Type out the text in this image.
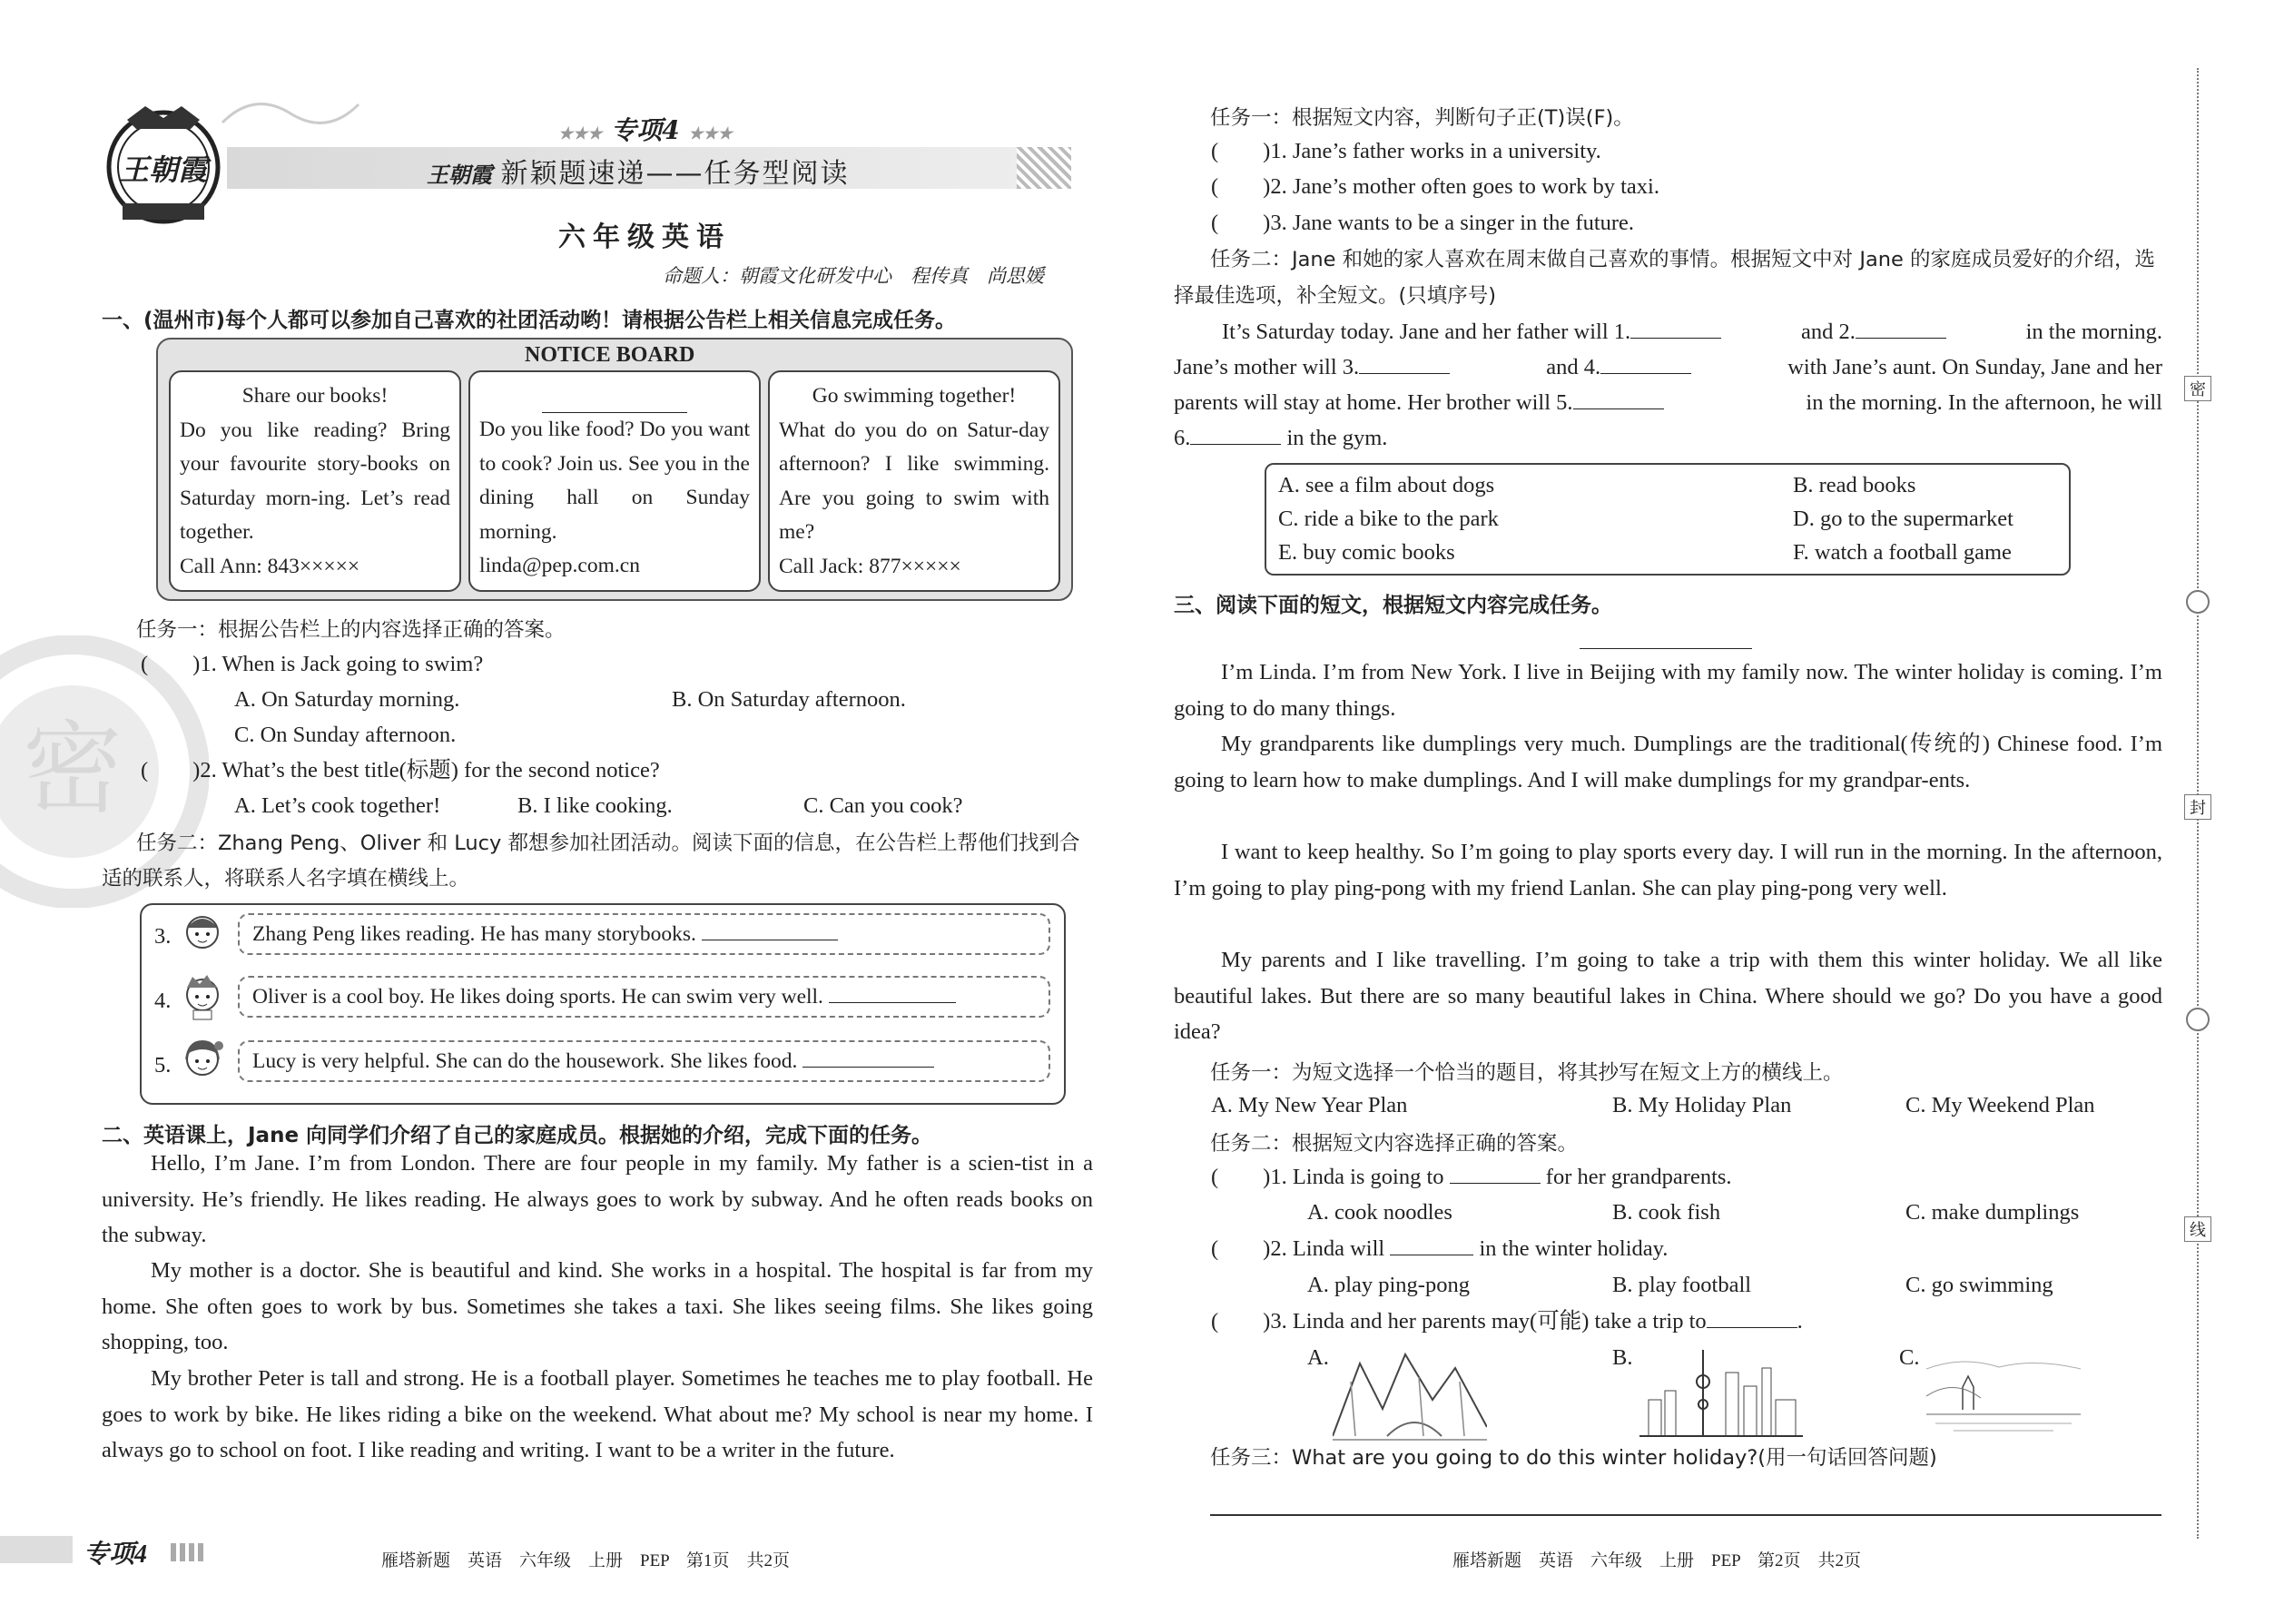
密
王朝霞
★★★ 专项4 ★★★
王朝霞 新颖题速递——任务型阅读
六年级英语
命题人：朝霞文化研发中心　程传真　尚思媛
一、(温州市)每个人都可以参加自己喜欢的社团活动哟！请根据公告栏上相关信息完成任务。
NOTICE BOARD
Share our books!
Do you like reading? Bring your favourite story-books on Saturday morn-ing. Let’s read together.
Call Ann: 843×××××
Do you like food? Do you want to cook? Join us. See you in the dining hall on Sunday morning.
linda@pep.com.cn
Go swimming together!
What do you do on Satur-day afternoon? I like swimming. Are you going to swim with me?
Call Jack: 877×××××
任务一：根据公告栏上的内容选择正确的答案。
(　　)1. When is Jack going to swim?
A. On Saturday morning.	B. On Saturday afternoon.
C. On Sunday afternoon.
(　　)2. What’s the best title(标题) for the second notice?
A. Let’s cook together!	B. I like cooking.	C. Can you cook?
任务二：Zhang Peng、Oliver 和 Lucy 都想参加社团活动。阅读下面的信息，在公告栏上帮他们找到合适的联系人，将联系人名字填在横线上。
3.	Zhang Peng likes reading. He has many storybooks.
4.	Oliver is a cool boy. He likes doing sports. He can swim very well.
5.	Lucy is very helpful. She can do the housework. She likes food.
二、英语课上，Jane 向同学们介绍了自己的家庭成员。根据她的介绍，完成下面的任务。
Hello, I’m Jane. I’m from London. There are four people in my family. My father is a scien-tist in a university. He’s friendly. He likes reading. He always goes to work by subway. And he often reads books on the subway.
My mother is a doctor. She is beautiful and kind. She works in a hospital. The hospital is far from my home. She often goes to work by bus. Sometimes she takes a taxi. She likes seeing films. She likes going shopping, too.
My brother Peter is tall and strong. He is a football player. Sometimes he teaches me to play football. He goes to work by bike. He likes riding a bike on the weekend. What about me? My school is near my home. I always go to school on foot. I like reading and writing. I want to be a writer in the future.
专项4	雁塔新题　英语　六年级　上册　PEP　第1页　共2页
任务一：根据短文内容，判断句子正(T)误(F)。
(　　)1. Jane’s father works in a university.
(　　)2. Jane’s mother often goes to work by taxi.
(　　)3. Jane wants to be a singer in the future.
任务二：Jane 和她的家人喜欢在周末做自己喜欢的事情。根据短文中对 Jane 的家庭成员爱好的介绍，选择最佳选项，补全短文。(只填序号)
It’s Saturday today. Jane and her father will 1.	and 2.	in the morning.
Jane’s mother will 3.	and 4.	with Jane’s aunt. On Sunday, Jane and her
parents will stay at home. Her brother will 5.	in the morning. In the afternoon, he will
6.	in the gym.
A. see a film about dogs	B. read books
C. ride a bike to the park	D. go to the supermarket
E. buy comic books	F. watch a football game
三、阅读下面的短文，根据短文内容完成任务。
I’m Linda. I’m from New York. I live in Beijing with my family now. The winter holiday is coming. I’m going to do many things.
My grandparents like dumplings very much. Dumplings are the traditional(传统的) Chinese food. I’m going to learn how to make dumplings. And I will make dumplings for my grandpar-ents.
I want to keep healthy. So I’m going to play sports every day. I will run in the morning. In the afternoon, I’m going to play ping-pong with my friend Lanlan. She can play ping-pong very well.
My parents and I like travelling. I’m going to take a trip with them this winter holiday. We all like beautiful lakes. But there are so many beautiful lakes in China. Where should we go? Do you have a good idea?
任务一：为短文选择一个恰当的题目，将其抄写在短文上方的横线上。
A. My New Year Plan	B. My Holiday Plan	C. My Weekend Plan
任务二：根据短文内容选择正确的答案。
(　　)1. Linda is going to	for her grandparents.
A. cook noodles	B. cook fish	C. make dumplings
(　　)2. Linda will	in the winter holiday.
A. play ping-pong	B. play football	C. go swimming
(　　)3. Linda and her parents may(可能) take a trip to	.
A.	B.	C.
任务三：What are you going to do this winter holiday?(用一句话回答问题)
雁塔新题　英语　六年级　上册　PEP　第2页　共2页
密
封
线
